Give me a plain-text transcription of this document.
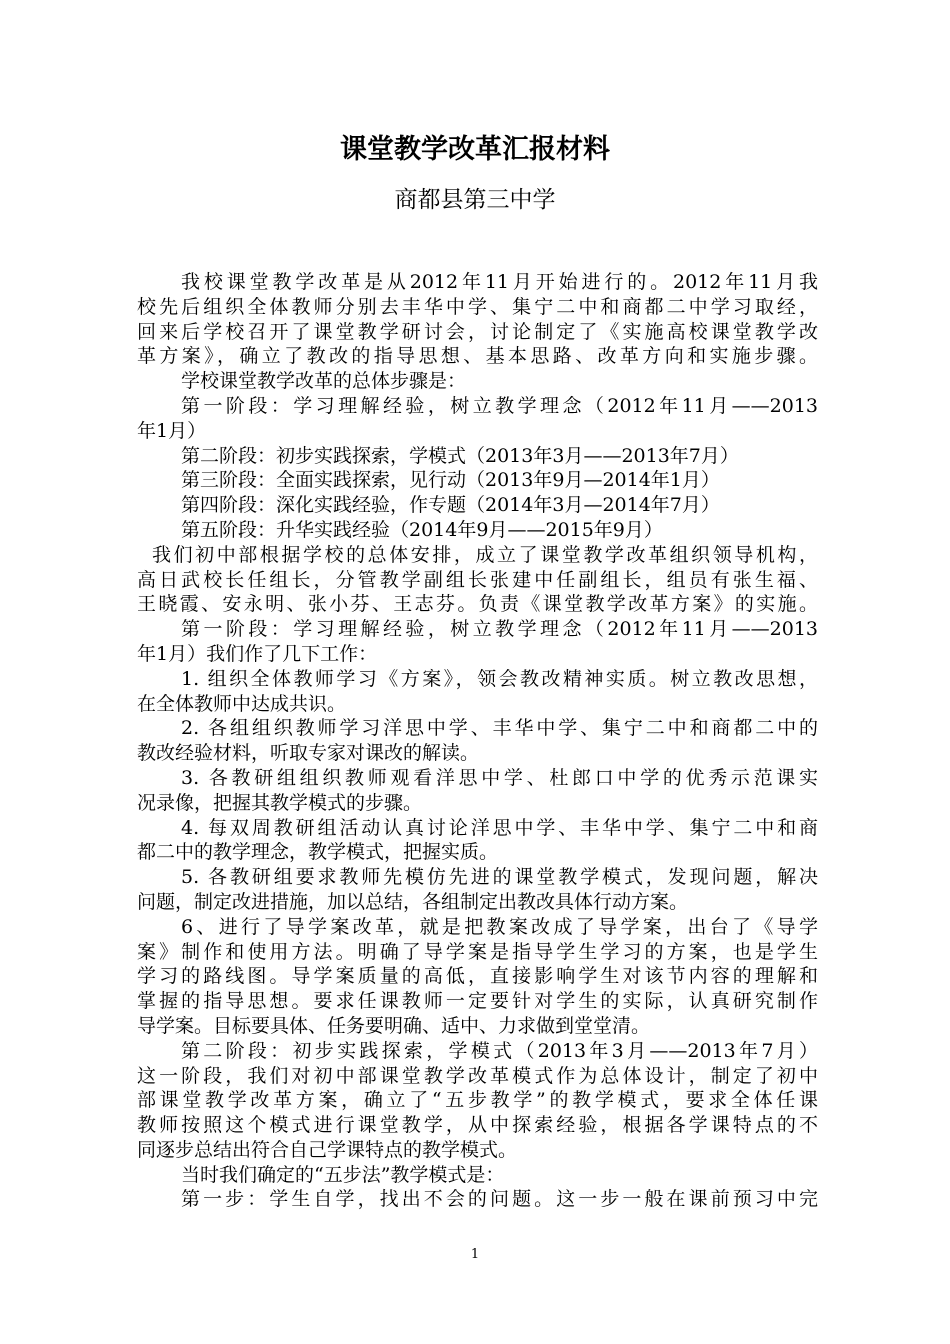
课堂教学改革汇报材料
商都县第三中学
我校课堂教学改革是从2012年11月开始进行的。2012年11月我
校先后组织全体教师分别去丰华中学、集宁二中和商都二中学习取经，
回来后学校召开了课堂教学研讨会，讨论制定了《实施高校课堂教学改
革方案》，确立了教改的指导思想、基本思路、改革方向和实施步骤。
学校课堂教学改革的总体步骤是：
第一阶段：学习理解经验，树立教学理念（2012年11月——2013
年1月）
第二阶段：初步实践探索，学模式（2013年3月——2013年7月）
第三阶段：全面实践探索，见行动（2013年9月—2014年1月）
第四阶段：深化实践经验，作专题（2014年3月—2014年7月）
第五阶段：升华实践经验（2014年9月——2015年9月）
我们初中部根据学校的总体安排，成立了课堂教学改革组织领导机构，
高日武校长任组长，分管教学副组长张建中任副组长，组员有张生福、
王晓霞、安永明、张小芬、王志芬。负责《课堂教学改革方案》的实施。
第一阶段：学习理解经验，树立教学理念（2012年11月——2013
年1月）我们作了几下工作：
1. 组织全体教师学习《方案》，领会教改精神实质。树立教改思想，
在全体教师中达成共识。
2. 各组组织教师学习洋思中学、丰华中学、集宁二中和商都二中的
教改经验材料，听取专家对课改的解读。
3. 各教研组组织教师观看洋思中学、杜郎口中学的优秀示范课实
况录像，把握其教学模式的步骤。
4. 每双周教研组活动认真讨论洋思中学、丰华中学、集宁二中和商
都二中的教学理念，教学模式，把握实质。
5. 各教研组要求教师先模仿先进的课堂教学模式，发现问题，解决
问题，制定改进措施，加以总结，各组制定出教改具体行动方案。
6、进行了导学案改革，就是把教案改成了导学案，出台了《导学
案》制作和使用方法。明确了导学案是指导学生学习的方案，也是学生
学习的路线图。导学案质量的高低，直接影响学生对该节内容的理解和
掌握的指导思想。要求任课教师一定要针对学生的实际，认真研究制作
导学案。目标要具体、任务要明确、适中、力求做到堂堂清。
第二阶段：初步实践探索，学模式（2013年3月——2013年7月）
这一阶段，我们对初中部课堂教学改革模式作为总体设计，制定了初中
部课堂教学改革方案，确立了“五步教学”的教学模式，要求全体任课
教师按照这个模式进行课堂教学，从中探索经验，根据各学课特点的不
同逐步总结出符合自己学课特点的教学模式。
当时我们确定的“五步法”教学模式是：
第一步：学生自学，找出不会的问题。这一步一般在课前预习中完
1
